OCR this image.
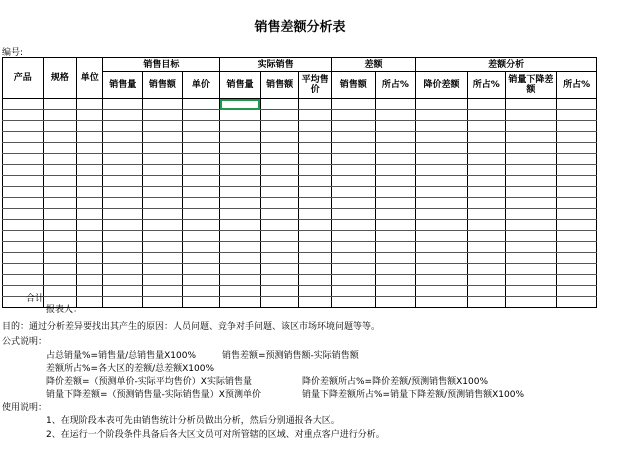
销售差额分析表
编号:
产品	规格	单位	销售目标			实际销售			差额		差额分析			
			销售量	销售额	单价	销售量	销售额	平均售价	销售额	所占%	降价差额	所占%	销量下降差额	所占%

合计
报表人：
目的：通过分析差异要找出其产生的原因：人员问题、竞争对手问题、该区市场环境问题等等。
公式说明：
占总销量%=销售量/总销售量X100%	销售差额=预测销售额-实际销售额
差额所占%=各大区的差额/总差额X100%
降价差额=（预测单价-实际平均售价）X实际销售量	降价差额所占%=降价差额/预测销售额X100%
销量下降差额=（预测销售量-实际销售量）X预测单价	销量下降差额所占%=销量下降差额/预测销售额X100%
使用说明：
1、在现阶段本表可先由销售统计分析员做出分析，然后分别通报各大区。
2、在运行一个阶段条件具备后各大区文员可对所管辖的区域、对重点客户进行分析。
